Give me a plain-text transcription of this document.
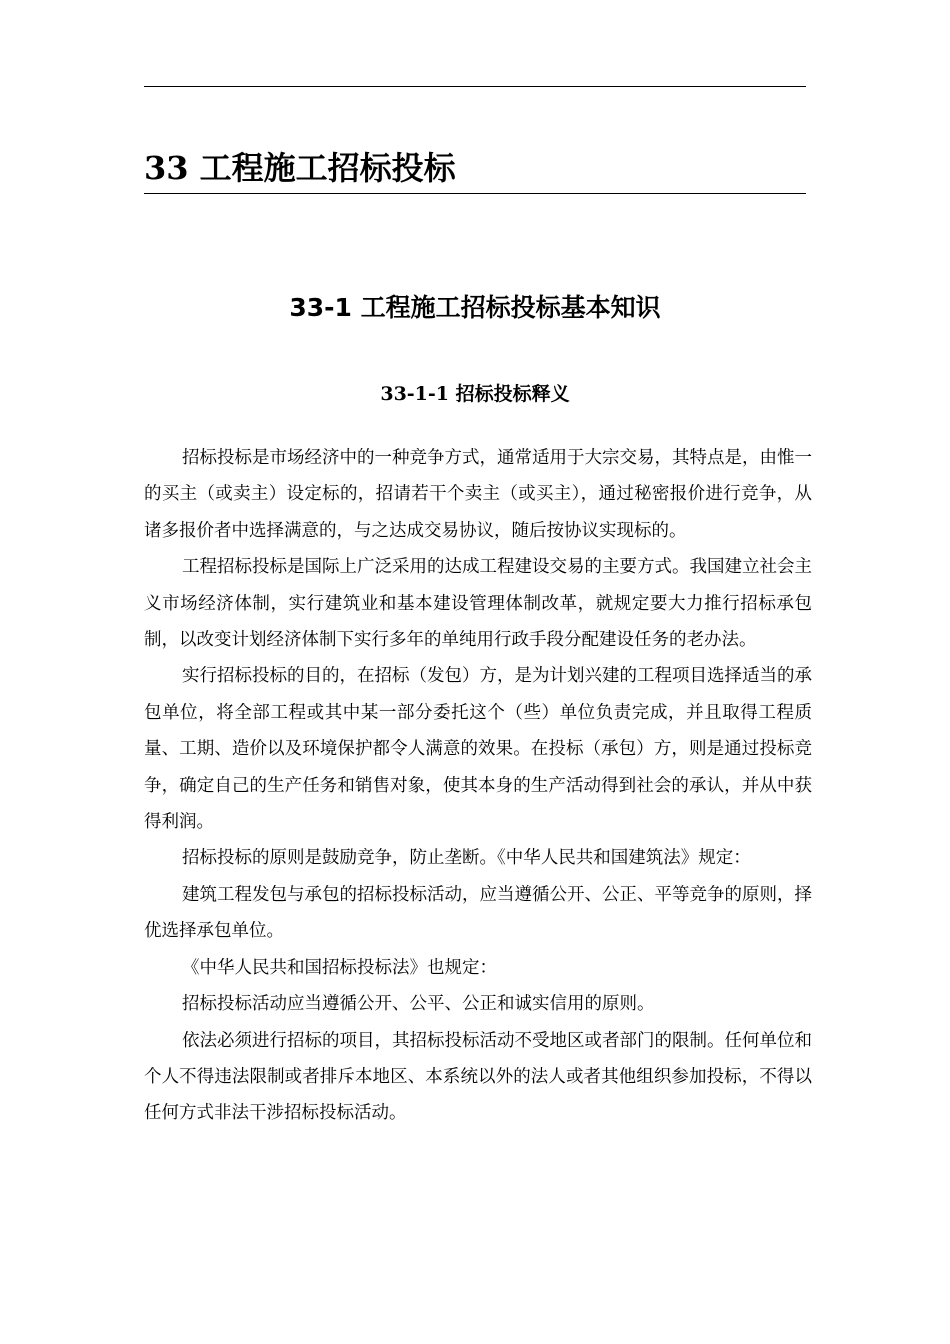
33 工程施工招标投标
33-1 工程施工招标投标基本知识
33-1-1 招标投标释义

招标投标是市场经济中的一种竞争方式，通常适用于大宗交易，其特点是，由惟一的买主（或卖主）设定标的，招请若干个卖主（或买主），通过秘密报价进行竞争，从诸多报价者中选择满意的，与之达成交易协议，随后按协议实现标的。

工程招标投标是国际上广泛采用的达成工程建设交易的主要方式。我国建立社会主义市场经济体制，实行建筑业和基本建设管理体制改革，就规定要大力推行招标承包制，以改变计划经济体制下实行多年的单纯用行政手段分配建设任务的老办法。

实行招标投标的目的，在招标（发包）方，是为计划兴建的工程项目选择适当的承包单位，将全部工程或其中某一部分委托这个（些）单位负责完成，并且取得工程质量、工期、造价以及环境保护都令人满意的效果。在投标（承包）方，则是通过投标竞争，确定自己的生产任务和销售对象，使其本身的生产活动得到社会的承认，并从中获得利润。

招标投标的原则是鼓励竞争，防止垄断。《中华人民共和国建筑法》规定：

建筑工程发包与承包的招标投标活动，应当遵循公开、公正、平等竞争的原则，择优选择承包单位。

《中华人民共和国招标投标法》也规定：

招标投标活动应当遵循公开、公平、公正和诚实信用的原则。

依法必须进行招标的项目，其招标投标活动不受地区或者部门的限制。任何单位和个人不得违法限制或者排斥本地区、本系统以外的法人或者其他组织参加投标，不得以任何方式非法干涉招标投标活动。
